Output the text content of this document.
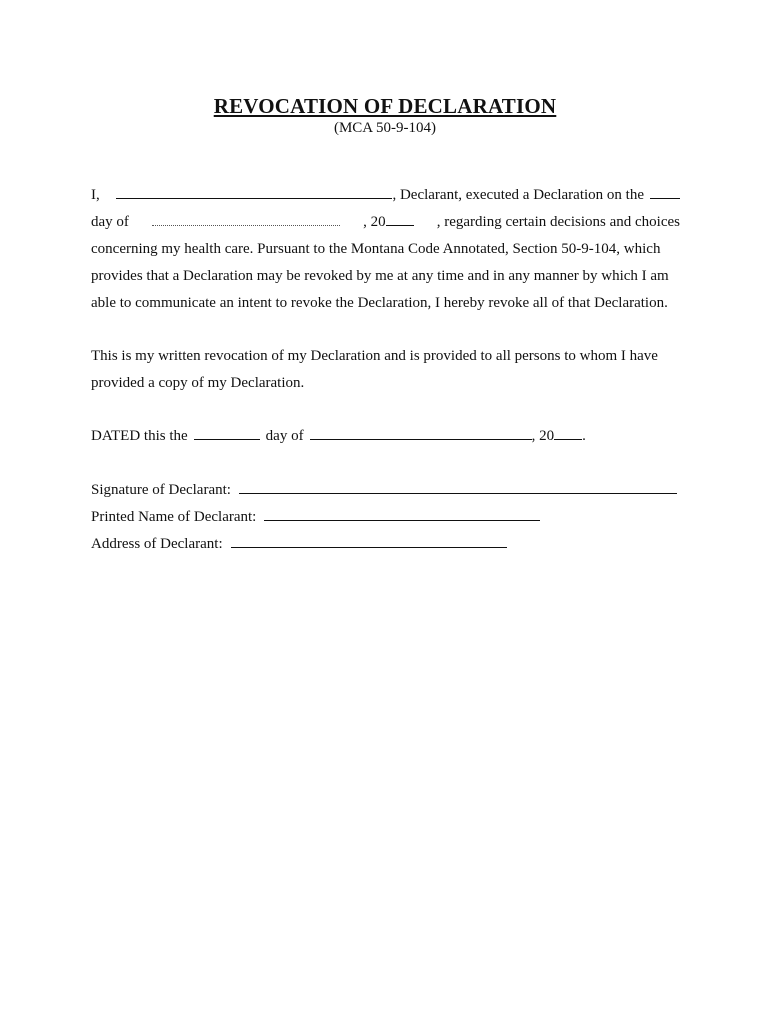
REVOCATION OF DECLARATION
(MCA 50-9-104)
I,	, Declarant, executed a Declaration on the
day of	, 20	, regarding certain decisions and choices
concerning my health care. Pursuant to the Montana Code Annotated, Section 50-9-104, which
provides that a Declaration may be revoked by me at any time and in any manner by which I am
able to communicate an intent to revoke the Declaration, I hereby revoke all of that Declaration.
This is my written revocation of my Declaration and is provided to all persons to whom I have
provided a copy of my Declaration.
DATED this the	day of	, 20 .
Signature of Declarant:
Printed Name of Declarant:
Address of Declarant:
